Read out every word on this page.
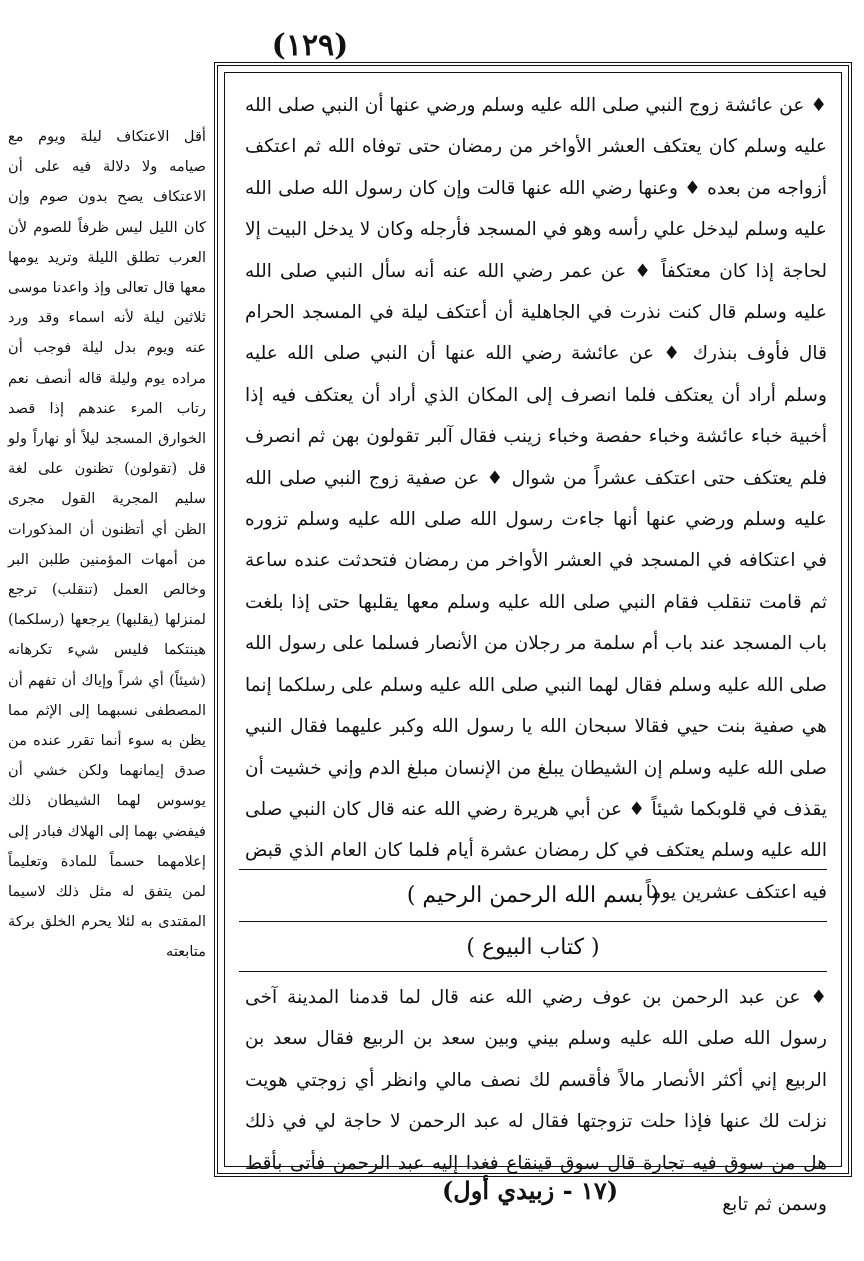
(١٢٩)

أقل الاعتكاف ليلة ويوم مع صيامه ولا دلالة فيه على أن الاعتكاف يصح بدون صوم وإن كان الليل ليس ظرفاً للصوم لأن العرب تطلق الليلة وتريد يومها معها قال تعالى وإذ واعدنا موسى ثلاثين ليلة لأنه اسماء وقد ورد عنه ويوم بدل ليلة فوجب أن مراده يوم وليلة قاله أنصف نعم رتاب المرء عندهم إذا قصد الخوارق المسجد ليلاً أو نهاراً ولو قل (تقولون) تظنون على لغة سليم المجرية القول مجرى الظن أي أتظنون أن المذكورات من أمهات المؤمنين طلبن البر وخالص العمل (تنقلب) ترجع لمنزلها (يقلبها) يرجعها (رسلكما) هينتكما فليس شيء تكرهانه (شيئاً) أي شراً وإياك أن تفهم أن المصطفى نسبهما إلى الإثم مما يظن به سوء أنما تقرر عنده من صدق إيمانهما ولكن خشي أن يوسوس لهما الشيطان ذلك فيفضي بهما إلى الهلاك فبادر إلى إعلامهما حسماً للمادة وتعليماً لمن يتفق له مثل ذلك لاسيما المقتدى به لئلا يحرم الخلق بركة متابعته

♦ عن عائشة زوج النبي صلى الله عليه وسلم ورضي عنها أن النبي صلى الله عليه وسلم كان يعتكف العشر الأواخر من رمضان حتى توفاه الله ثم اعتكف أزواجه من بعده ♦ وعنها رضي الله عنها قالت وإن كان رسول الله صلى الله عليه وسلم ليدخل علي رأسه وهو في المسجد فأرجله وكان لا يدخل البيت إلا لحاجة إذا كان معتكفاً ♦ عن عمر رضي الله عنه أنه سأل النبي صلى الله عليه وسلم قال كنت نذرت في الجاهلية أن أعتكف ليلة في المسجد الحرام قال فأوف بنذرك ♦ عن عائشة رضي الله عنها أن النبي صلى الله عليه وسلم أراد أن يعتكف فلما انصرف إلى المكان الذي أراد أن يعتكف فيه إذا أخبية خباء عائشة وخباء حفصة وخباء زينب فقال آلبر تقولون بهن ثم انصرف فلم يعتكف حتى اعتكف عشراً من شوال ♦ عن صفية زوج النبي صلى الله عليه وسلم ورضي عنها أنها جاءت رسول الله صلى الله عليه وسلم تزوره في اعتكافه في المسجد في العشر الأواخر من رمضان فتحدثت عنده ساعة ثم قامت تنقلب فقام النبي صلى الله عليه وسلم معها يقلبها حتى إذا بلغت باب المسجد عند باب أم سلمة مر رجلان من الأنصار فسلما على رسول الله صلى الله عليه وسلم فقال لهما النبي صلى الله عليه وسلم على رسلكما إنما هي صفية بنت حيي فقالا سبحان الله يا رسول الله وكبر عليهما فقال النبي صلى الله عليه وسلم إن الشيطان يبلغ من الإنسان مبلغ الدم وإني خشيت أن يقذف في قلوبكما شيئاً ♦ عن أبي هريرة رضي الله عنه قال كان النبي صلى الله عليه وسلم يعتكف في كل رمضان عشرة أيام فلما كان العام الذي قبض فيه اعتكف عشرين يوماً

( بسم الله الرحمن الرحيم )
( كتاب البيوع )

♦ عن عبد الرحمن بن عوف رضي الله عنه قال لما قدمنا المدينة آخى رسول الله صلى الله عليه وسلم بيني وبين سعد بن الربيع فقال سعد بن الربيع إني أكثر الأنصار مالاً فأقسم لك نصف مالي وانظر أي زوجتي هويت نزلت لك عنها فإذا حلت تزوجتها فقال له عبد الرحمن لا حاجة لي في ذلك هل من سوق فيه تجارة قال سوق قينقاع فغدا إليه عبد الرحمن فأتى بأقط وسمن ثم تابع

(١٧ - زبيدي أول)
